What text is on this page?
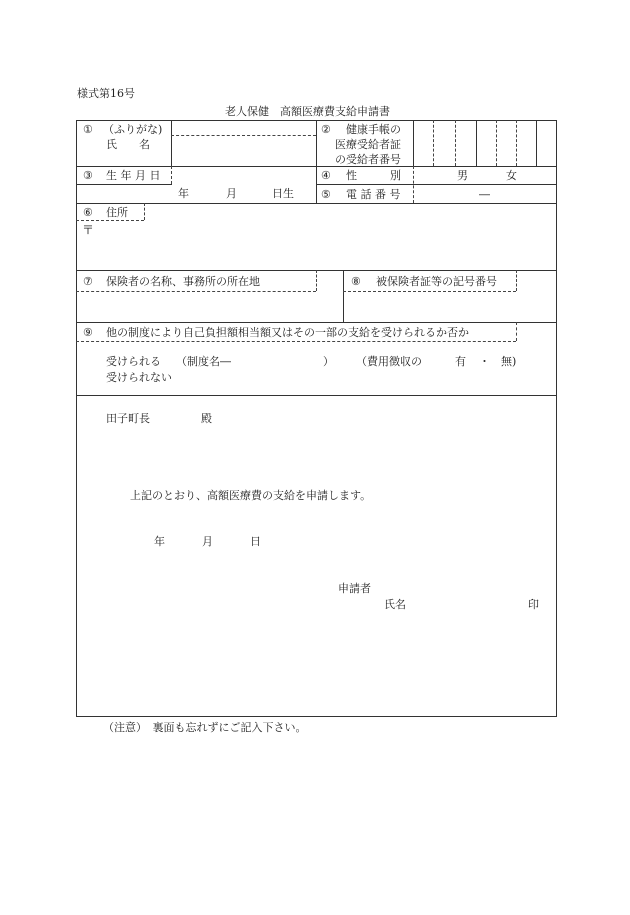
様式第16号
老人保健　高額医療費支給申請書
① （ふりがな)
氏　　名
② 健康手帳の
医療受給者証
の受給者番号
③ 生 年 月 日
年	月	日生
④ 性　　　別	男	女
⑤ 電 話 番 号	―
⑥ 住所
〒
⑦ 保険者の名称、事務所の所在地	⑧ 被保険者証等の記号番号
⑨ 他の制度により自己負担額相当額又はその一部の支給を受けられるか否か
受けられる （制度名―	） （費用徴収の	有 ・ 無)
受けられない
田子町長	殿
上記のとおり、高額医療費の支給を申請します。
年	月	日
申請者
氏名	印
（注意）　裏面も忘れずにご記入下さい。
